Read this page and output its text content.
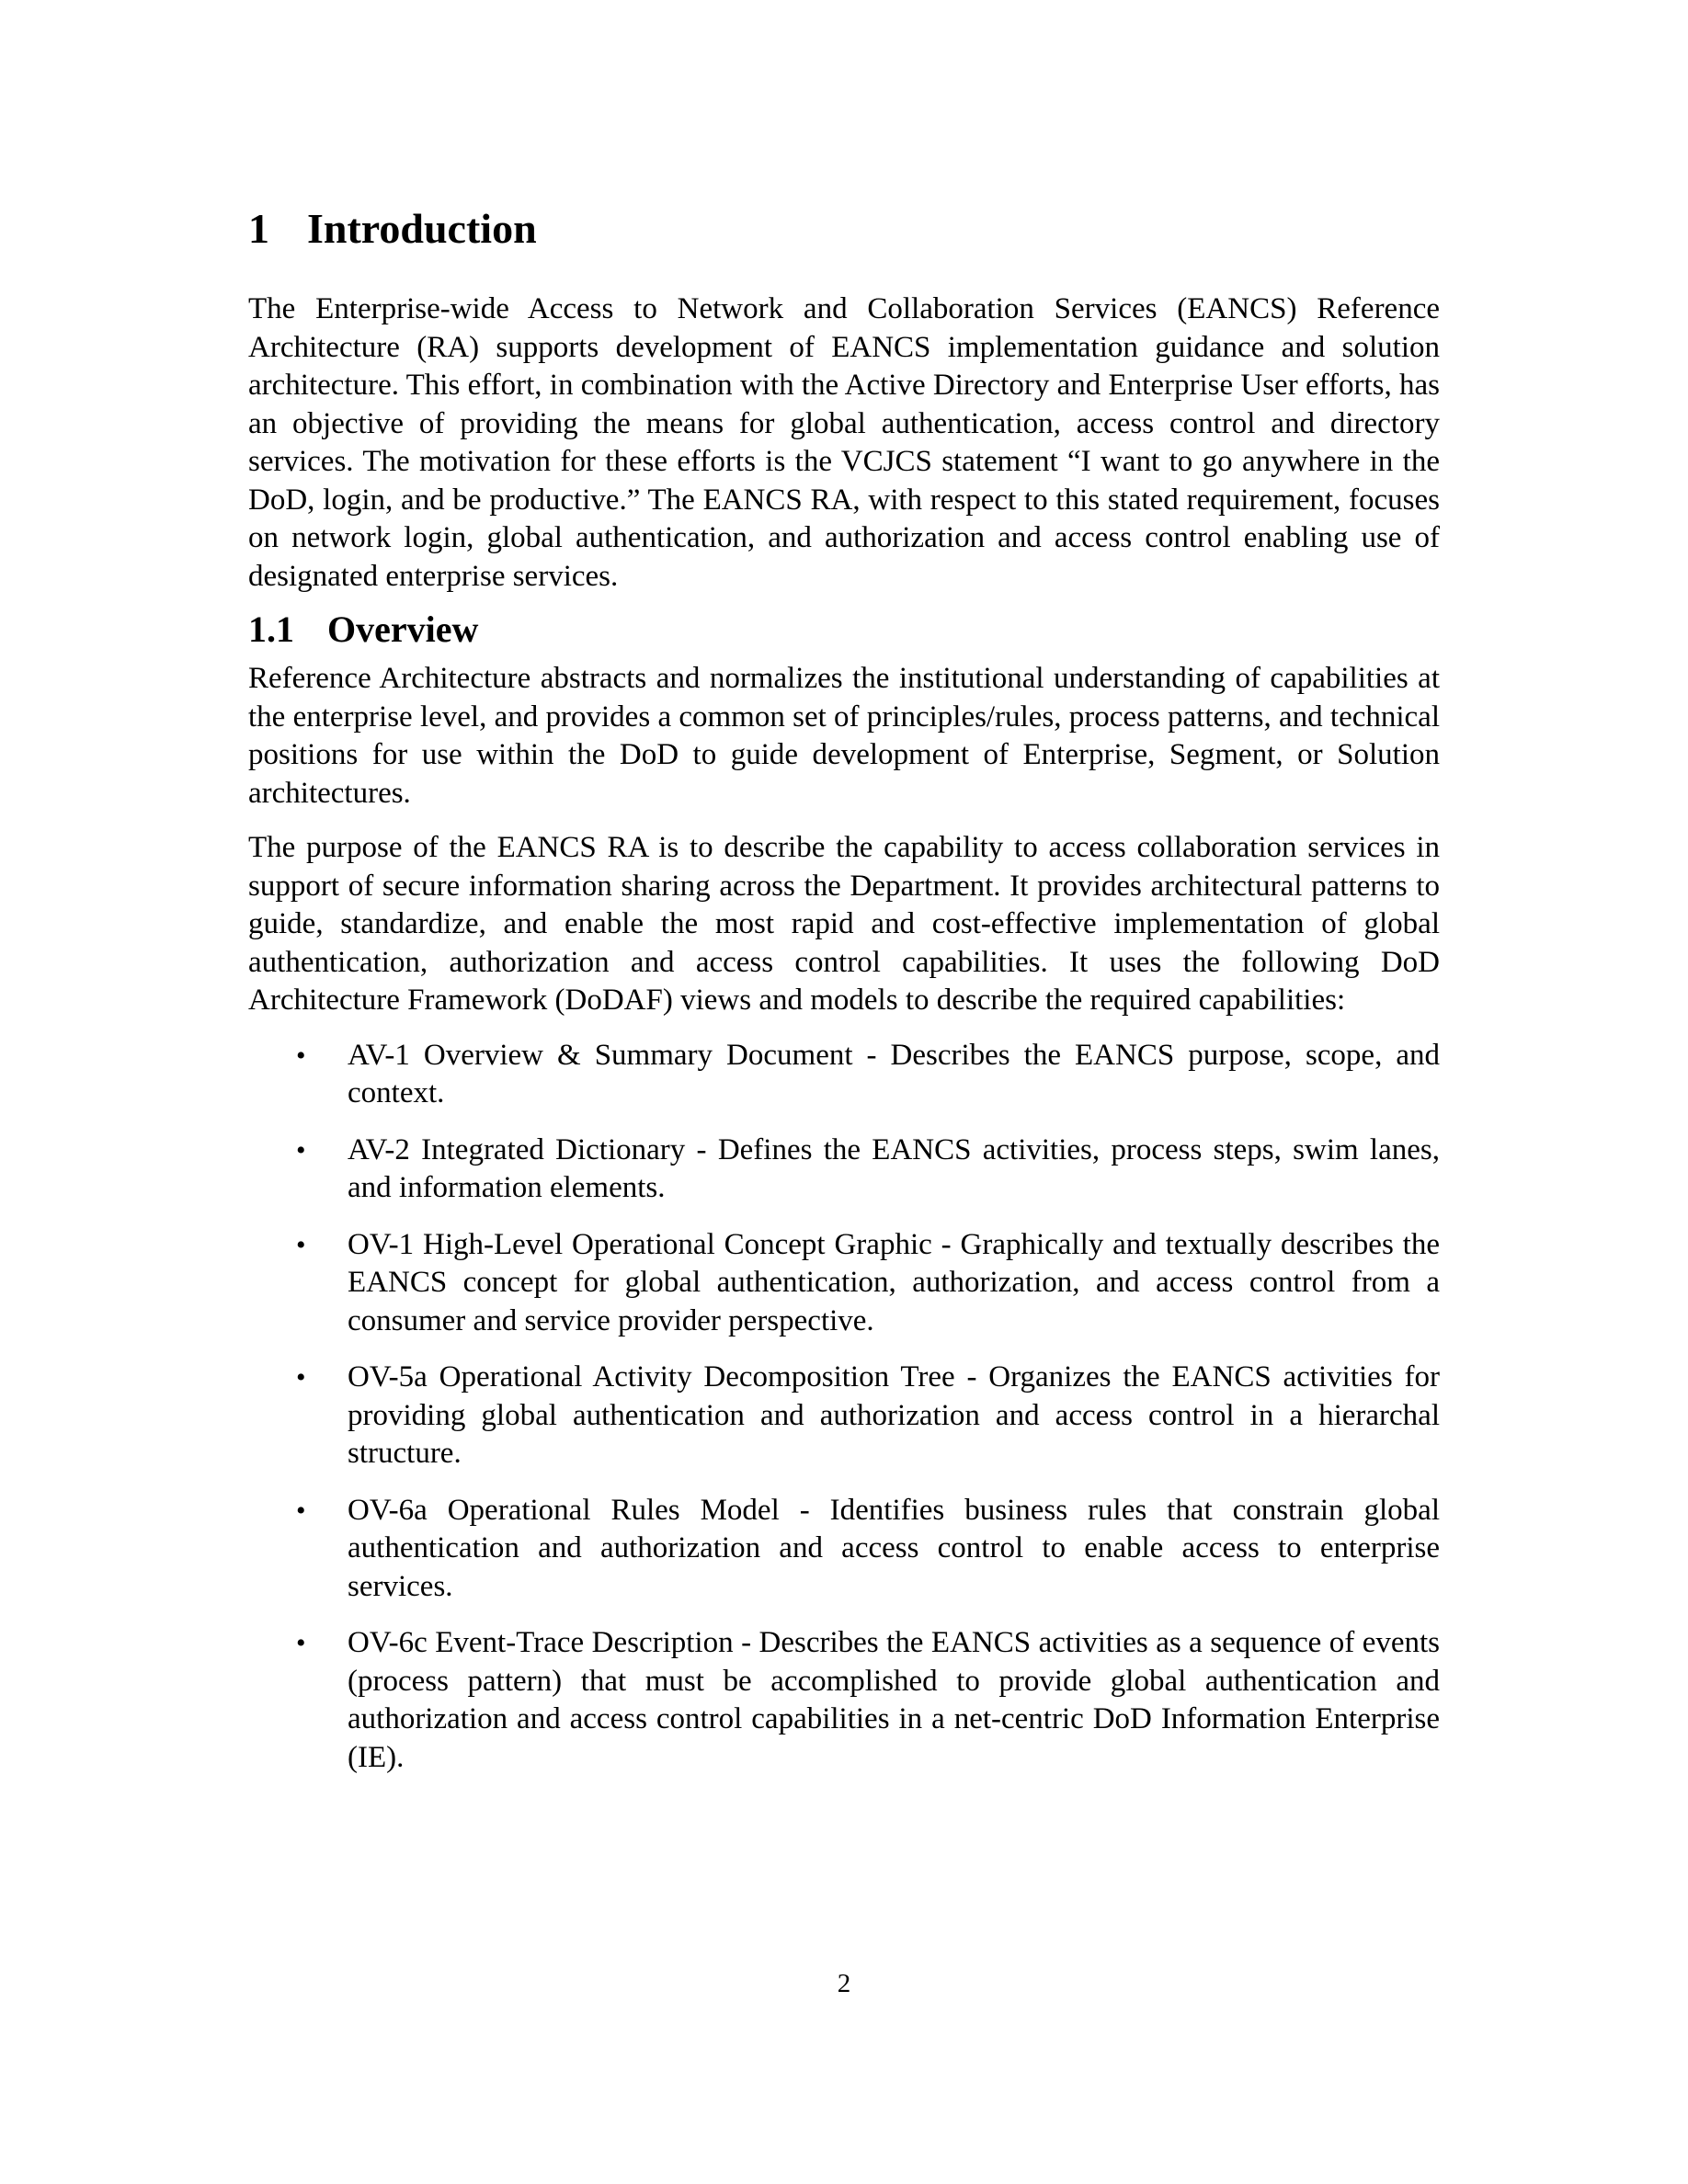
1 Introduction

The Enterprise-wide Access to Network and Collaboration Services (EANCS) Reference Architecture (RA) supports development of EANCS implementation guidance and solution architecture. This effort, in combination with the Active Directory and Enterprise User efforts, has an objective of providing the means for global authentication, access control and directory services. The motivation for these efforts is the VCJCS statement “I want to go anywhere in the DoD, login, and be productive.” The EANCS RA, with respect to this stated requirement, focuses on network login, global authentication, and authorization and access control enabling use of designated enterprise services.

1.1 Overview

Reference Architecture abstracts and normalizes the institutional understanding of capabilities at the enterprise level, and provides a common set of principles/rules, process patterns, and technical positions for use within the DoD to guide development of Enterprise, Segment, or Solution architectures.

The purpose of the EANCS RA is to describe the capability to access collaboration services in support of secure information sharing across the Department. It provides architectural patterns to guide, standardize, and enable the most rapid and cost-effective implementation of global authentication, authorization and access control capabilities. It uses the following DoD Architecture Framework (DoDAF) views and models to describe the required capabilities:

• AV-1 Overview & Summary Document - Describes the EANCS purpose, scope, and context.
• AV-2 Integrated Dictionary - Defines the EANCS activities, process steps, swim lanes, and information elements.
• OV-1 High-Level Operational Concept Graphic - Graphically and textually describes the EANCS concept for global authentication, authorization, and access control from a consumer and service provider perspective.
• OV-5a Operational Activity Decomposition Tree - Organizes the EANCS activities for providing global authentication and authorization and access control in a hierarchal structure.
• OV-6a Operational Rules Model - Identifies business rules that constrain global authentication and authorization and access control to enable access to enterprise services.
• OV-6c Event-Trace Description - Describes the EANCS activities as a sequence of events (process pattern) that must be accomplished to provide global authentication and authorization and access control capabilities in a net-centric DoD Information Enterprise (IE).
2
